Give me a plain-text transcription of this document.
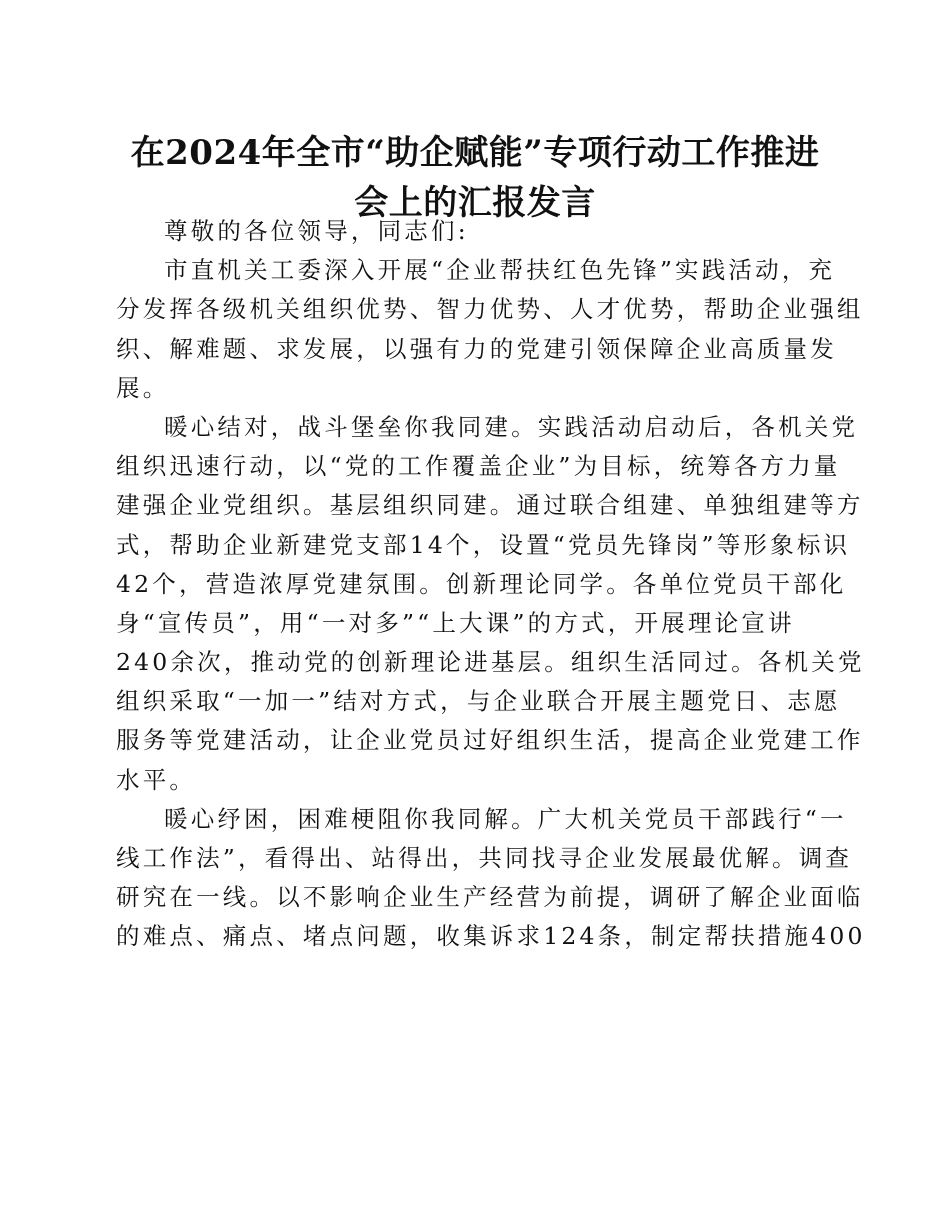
在2024年全市“助企赋能”专项行动工作推进
会上的汇报发言
尊敬的各位领导，同志们:
市直机关工委深入开展“企业帮扶红色先锋”实践活动，充
分发挥各级机关组织优势、智力优势、人才优势，帮助企业强组
织、解难题、求发展，以强有力的党建引领保障企业高质量发
展。
暖心结对，战斗堡垒你我同建。实践活动启动后，各机关党
组织迅速行动，以“党的工作覆盖企业”为目标，统筹各方力量
建强企业党组织。基层组织同建。通过联合组建、单独组建等方
式，帮助企业新建党支部14个，设置“党员先锋岗”等形象标识
42个，营造浓厚党建氛围。创新理论同学。各单位党员干部化
身“宣传员”，用“一对多”“上大课”的方式，开展理论宣讲
240余次，推动党的创新理论进基层。组织生活同过。各机关党
组织采取“一加一”结对方式，与企业联合开展主题党日、志愿
服务等党建活动，让企业党员过好组织生活，提高企业党建工作
水平。
暖心纾困，困难梗阻你我同解。广大机关党员干部践行“一
线工作法”，看得出、站得出，共同找寻企业发展最优解。调查
研究在一线。以不影响企业生产经营为前提，调研了解企业面临
的难点、痛点、堵点问题，收集诉求124条，制定帮扶措施400
